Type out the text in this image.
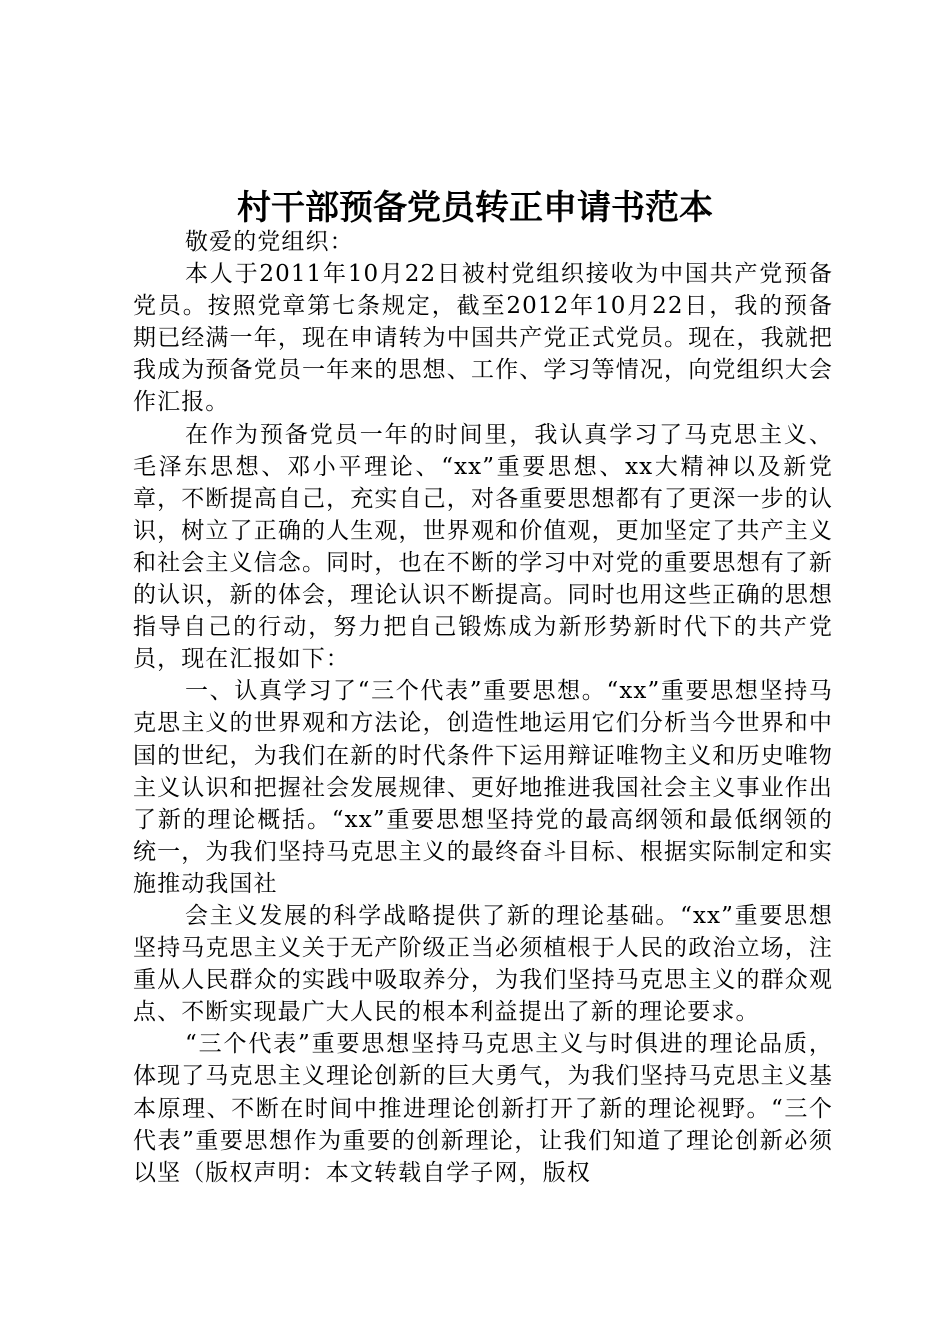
村干部预备党员转正申请书范本

敬爱的党组织：

本人于2011年10月22日被村党组织接收为中国共产党预备党员。按照党章第七条规定，截至2012年10月22日，我的预备期已经满一年，现在申请转为中国共产党正式党员。现在，我就把我成为预备党员一年来的思想、工作、学习等情况，向党组织大会作汇报。

在作为预备党员一年的时间里，我认真学习了马克思主义、毛泽东思想、邓小平理论、“xx”重要思想、xx大精神以及新党章，不断提高自己，充实自己，对各重要思想都有了更深一步的认识，树立了正确的人生观，世界观和价值观，更加坚定了共产主义和社会主义信念。同时，也在不断的学习中对党的重要思想有了新的认识，新的体会，理论认识不断提高。同时也用这些正确的思想指导自己的行动，努力把自己锻炼成为新形势新时代下的共产党员，现在汇报如下：

一、认真学习了“三个代表”重要思想。“xx”重要思想坚持马克思主义的世界观和方法论，创造性地运用它们分析当今世界和中国的世纪，为我们在新的时代条件下运用辩证唯物主义和历史唯物主义认识和把握社会发展规律、更好地推进我国社会主义事业作出了新的理论概括。“xx”重要思想坚持党的最高纲领和最低纲领的统一，为我们坚持马克思主义的最终奋斗目标、根据实际制定和实施推动我国社

会主义发展的科学战略提供了新的理论基础。“xx”重要思想坚持马克思主义关于无产阶级正当必须植根于人民的政治立场，注重从人民群众的实践中吸取养分，为我们坚持马克思主义的群众观点、不断实现最广大人民的根本利益提出了新的理论要求。

“三个代表”重要思想坚持马克思主义与时俱进的理论品质，体现了马克思主义理论创新的巨大勇气，为我们坚持马克思主义基本原理、不断在时间中推进理论创新打开了新的理论视野。“三个代表”重要思想作为重要的创新理论，让我们知道了理论创新必须以坚（版权声明：本文转载自学子网，版权
